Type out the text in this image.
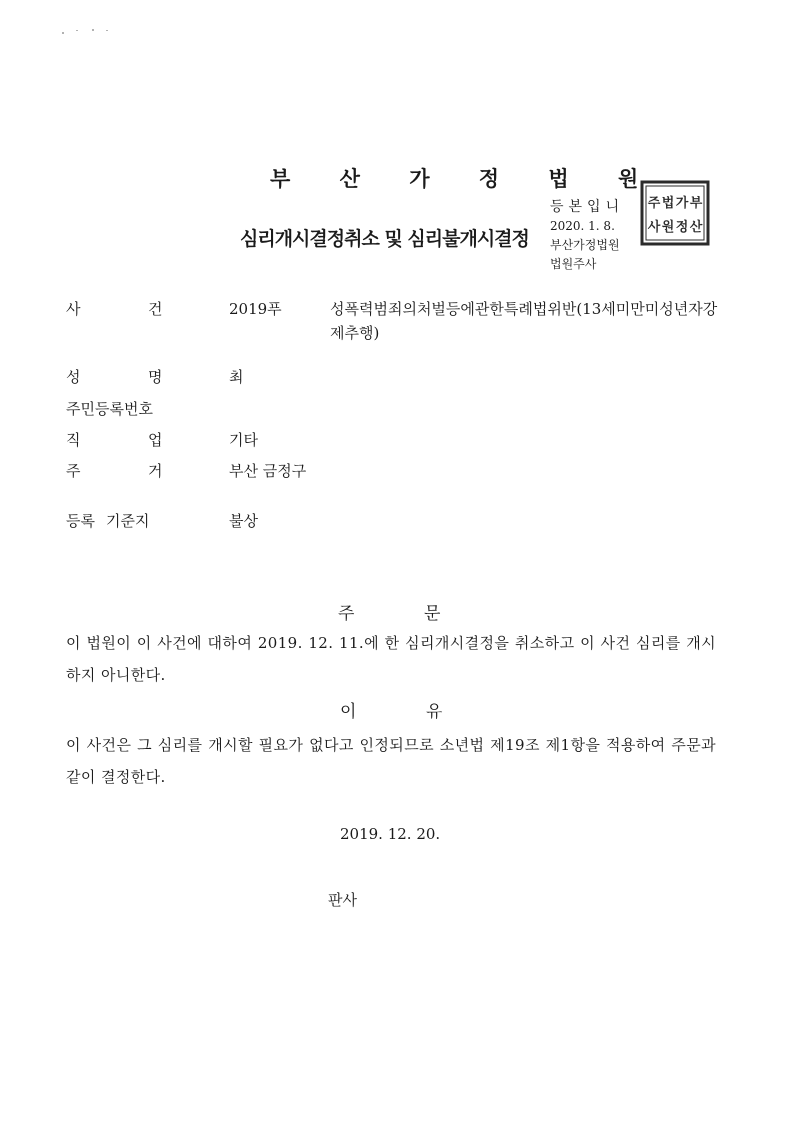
부 산 가 정 법 원
심리개시결정취소 및 심리불개시결정
등본입니
2020. 1. 8.
부산가정법원
법원주사
부
산
가
정
법
원
주
사
사	건	2019푸	성폭력범죄의처벌등에관한특례법위반(13세미만미성년자강제추행)
성	명	최
주민등록번호
직	업	기타
주	거	부산 금정구
등록 기준지	불상
주	문
이 법원이 이 사건에 대하여 2019. 12. 11.에 한 심리개시결정을 취소하고 이 사건 심리를 개시하지 아니한다.
이	유
이 사건은 그 심리를 개시할 필요가 없다고 인정되므로 소년법 제19조 제1항을 적용하여 주문과 같이 결정한다.
2019. 12. 20.
판사
